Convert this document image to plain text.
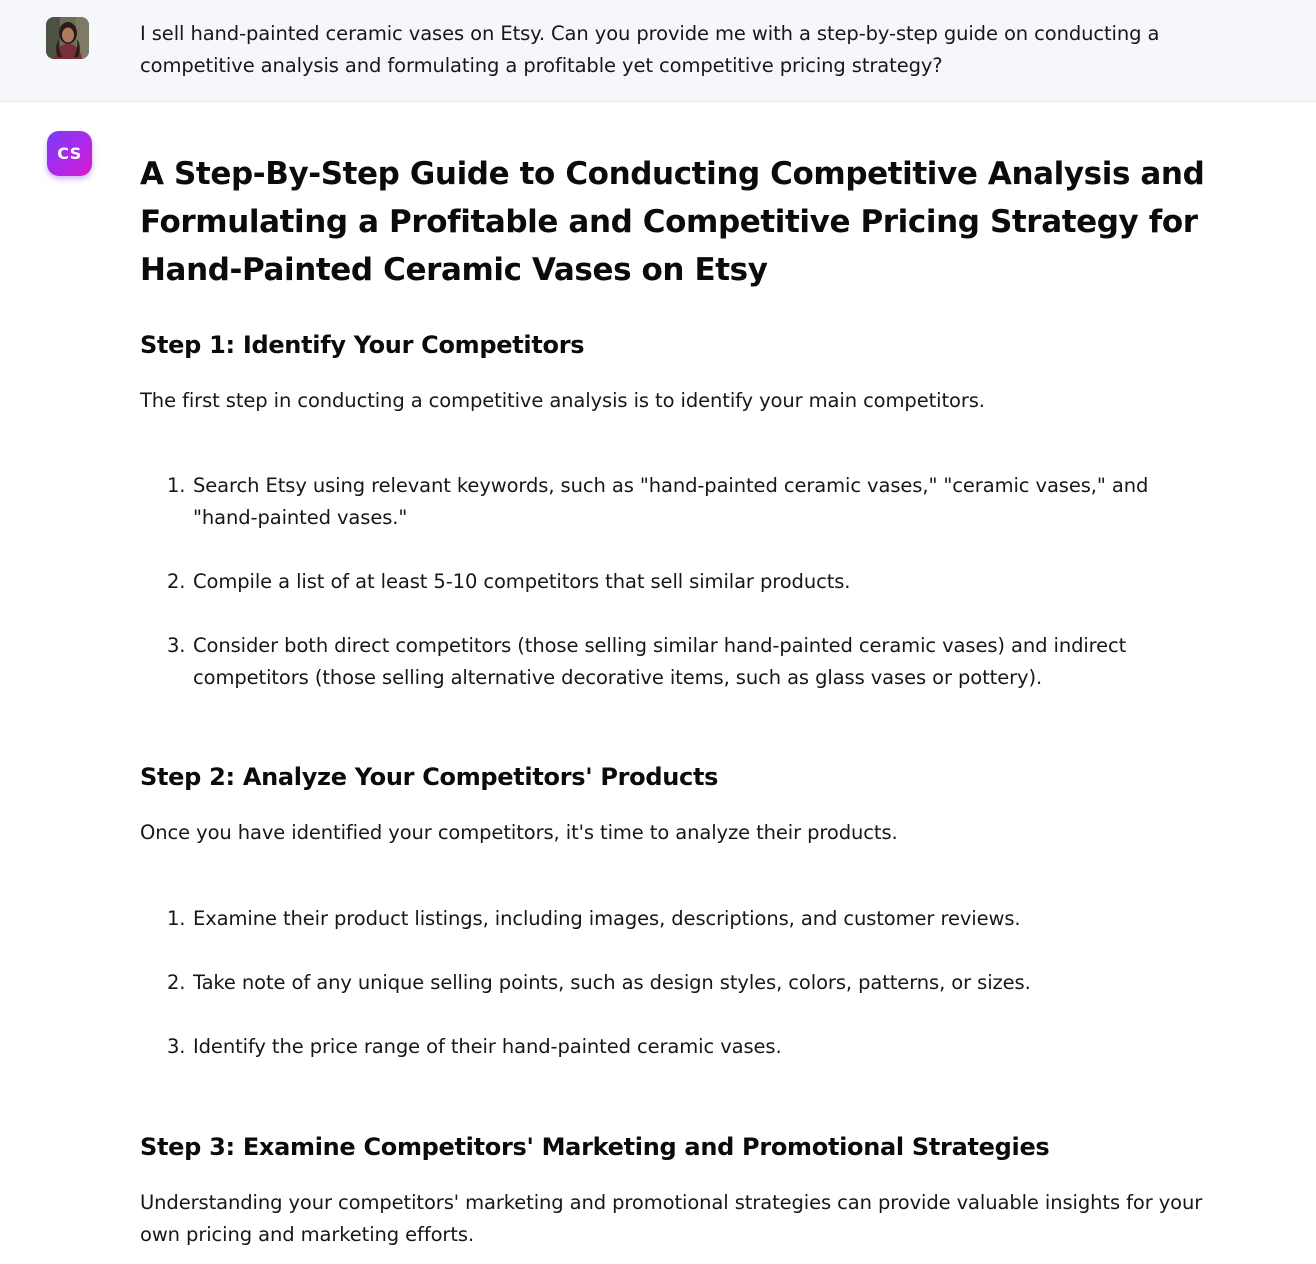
I sell hand-painted ceramic vases on Etsy. Can you provide me with a step-by-step guide on conducting a competitive analysis and formulating a profitable yet competitive pricing strategy?
CS
A Step-By-Step Guide to Conducting Competitive Analysis and Formulating a Profitable and Competitive Pricing Strategy for Hand-Painted Ceramic Vases on Etsy
Step 1: Identify Your Competitors

The first step in conducting a competitive analysis is to identify your main competitors.

1. Search Etsy using relevant keywords, such as "hand-painted ceramic vases," "ceramic vases," and "hand-painted vases."
2. Compile a list of at least 5-10 competitors that sell similar products.
3. Consider both direct competitors (those selling similar hand-painted ceramic vases) and indirect competitors (those selling alternative decorative items, such as glass vases or pottery).
Step 2: Analyze Your Competitors' Products

Once you have identified your competitors, it's time to analyze their products.

1. Examine their product listings, including images, descriptions, and customer reviews.
2. Take note of any unique selling points, such as design styles, colors, patterns, or sizes.
3. Identify the price range of their hand-painted ceramic vases.
Step 3: Examine Competitors' Marketing and Promotional Strategies

Understanding your competitors' marketing and promotional strategies can provide valuable insights for your own pricing and marketing efforts.
